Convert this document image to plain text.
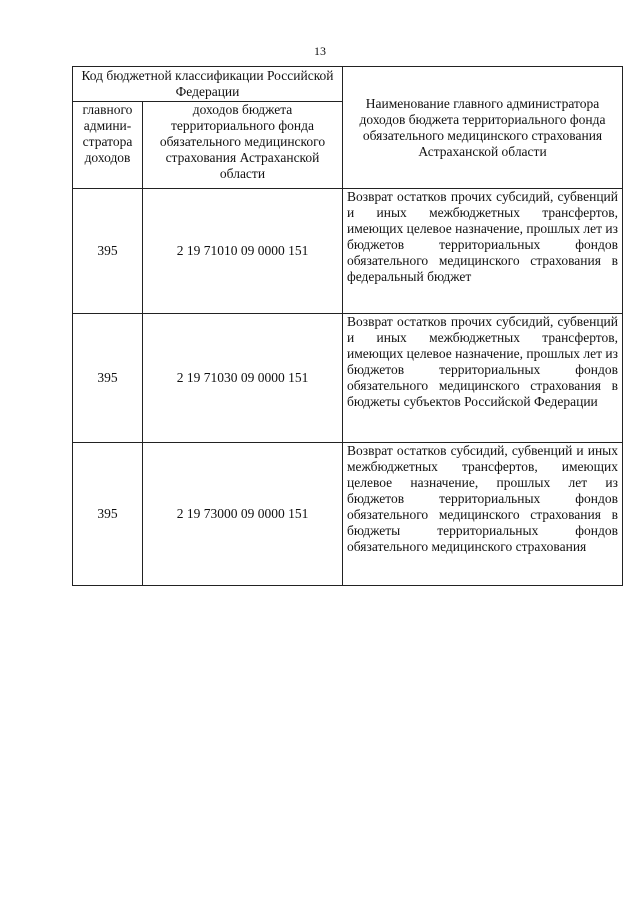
13
Код бюджетной классификации Российской Федерации		Наименование главного администратора доходов бюджета территориального фонда обязательного медицинского страхования Астраханской области
главного админи-стратора доходов	доходов бюджета территориального фонда обязательного медицинского страхования Астраханской области	
395	2 19 71010 09 0000 151	Возврат остатков прочих субсидий, субвенций и иных межбюджетных трансфертов, имеющих целевое назначение, прошлых лет из бюджетов территориальных фондов обязательного медицинского страхования в федеральный бюджет
395	2 19 71030 09 0000 151	Возврат остатков прочих субсидий, субвенций и иных межбюджетных трансфертов, имеющих целевое назначение, прошлых лет из бюджетов территориальных фондов обязательного медицинского страхования в бюджеты субъектов Российской Федерации
395	2 19 73000 09 0000 151	Возврат остатков субсидий, субвенций и иных межбюджетных трансфертов, имеющих целевое назначение, прошлых лет из бюджетов территориальных фондов обязательного медицинского страхования в бюджеты территориальных фондов обязательного медицинского страхования
